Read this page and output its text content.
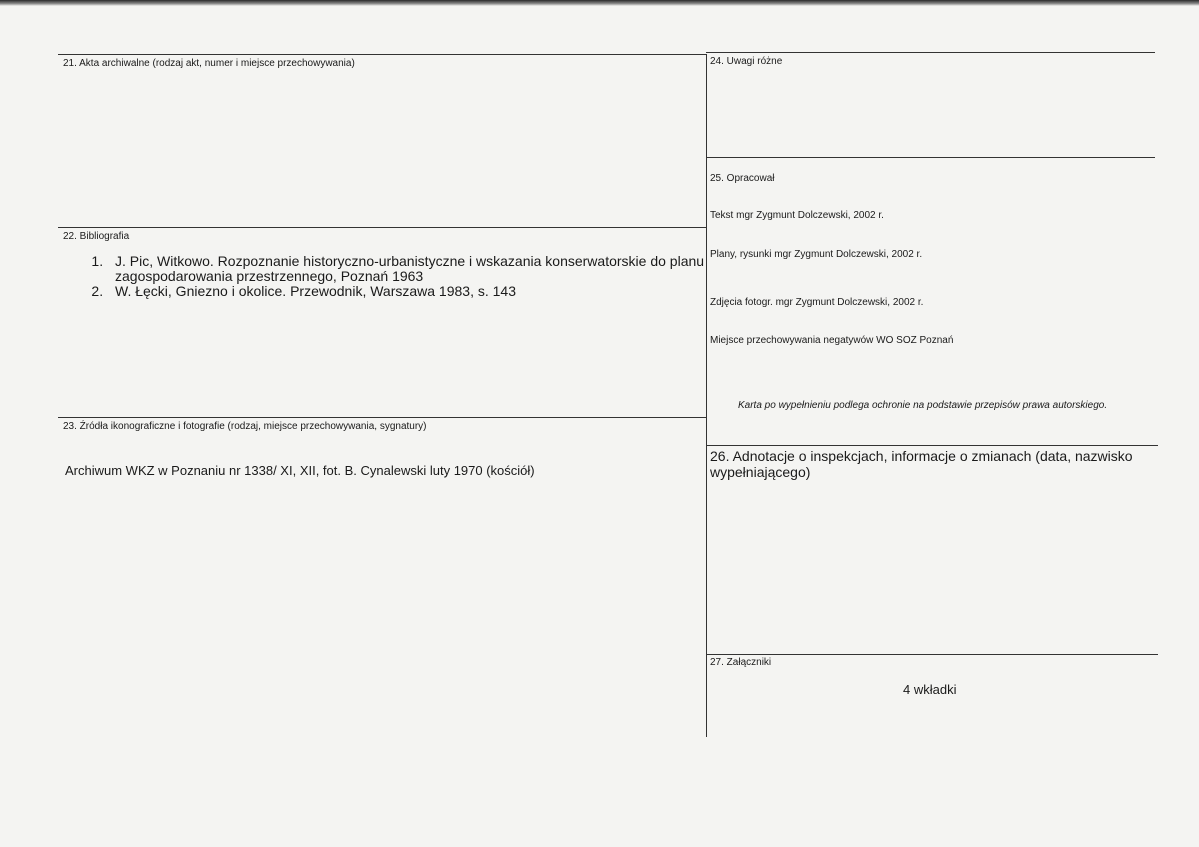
21. Akta archiwalne (rodzaj akt, numer i miejsce przechowywania)
22. Bibliografia
1. J. Pic, Witkowo. Rozpoznanie historyczno-urbanistyczne i wskazania konserwatorskie do planu zagospodarowania przestrzennego, Poznań 1963
2. W. Łęcki, Gniezno i okolice. Przewodnik, Warszawa 1983, s. 143
23. Źródła ikonograficzne i fotografie (rodzaj, miejsce przechowywania, sygnatury)
Archiwum WKZ w Poznaniu nr 1338/ XI, XII, fot. B. Cynalewski luty 1970 (kościół)
24. Uwagi różne
25. Opracował
Tekst mgr Zygmunt Dolczewski, 2002 r.
Plany, rysunki mgr Zygmunt Dolczewski, 2002 r.
Zdjęcia fotogr. mgr Zygmunt Dolczewski, 2002 r.
Miejsce przechowywania negatywów WO SOZ Poznań
Karta po wypełnieniu podlega ochronie na podstawie przepisów prawa autorskiego.
26. Adnotacje o inspekcjach, informacje o zmianach (data, nazwisko wypełniającego)
27. Załączniki
4 wkładki
